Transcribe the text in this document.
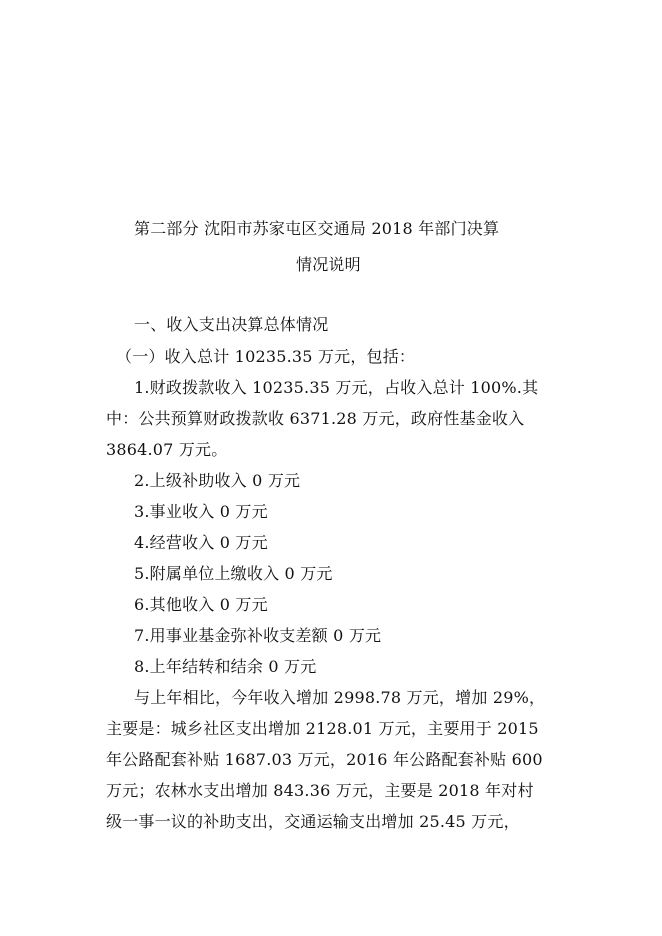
第二部分 沈阳市苏家屯区交通局 2018 年部门决算
情况说明
一、收入支出决算总体情况
（一）收入总计 10235.35 万元，包括：
1.财政拨款收入 10235.35 万元，占收入总计 100%.其
中：公共预算财政拨款收 6371.28 万元，政府性基金收入
3864.07 万元。
2.上级补助收入 0 万元
3.事业收入 0 万元
4.经营收入 0 万元
5.附属单位上缴收入 0 万元
6.其他收入 0 万元
7.用事业基金弥补收支差额 0 万元
8.上年结转和结余 0 万元
与上年相比，今年收入增加 2998.78 万元，增加 29%，
主要是：城乡社区支出增加 2128.01 万元，主要用于 2015
年公路配套补贴 1687.03 万元，2016 年公路配套补贴 600
万元；农林水支出增加 843.36 万元，主要是 2018 年对村
级一事一议的补助支出，交通运输支出增加 25.45 万元，
